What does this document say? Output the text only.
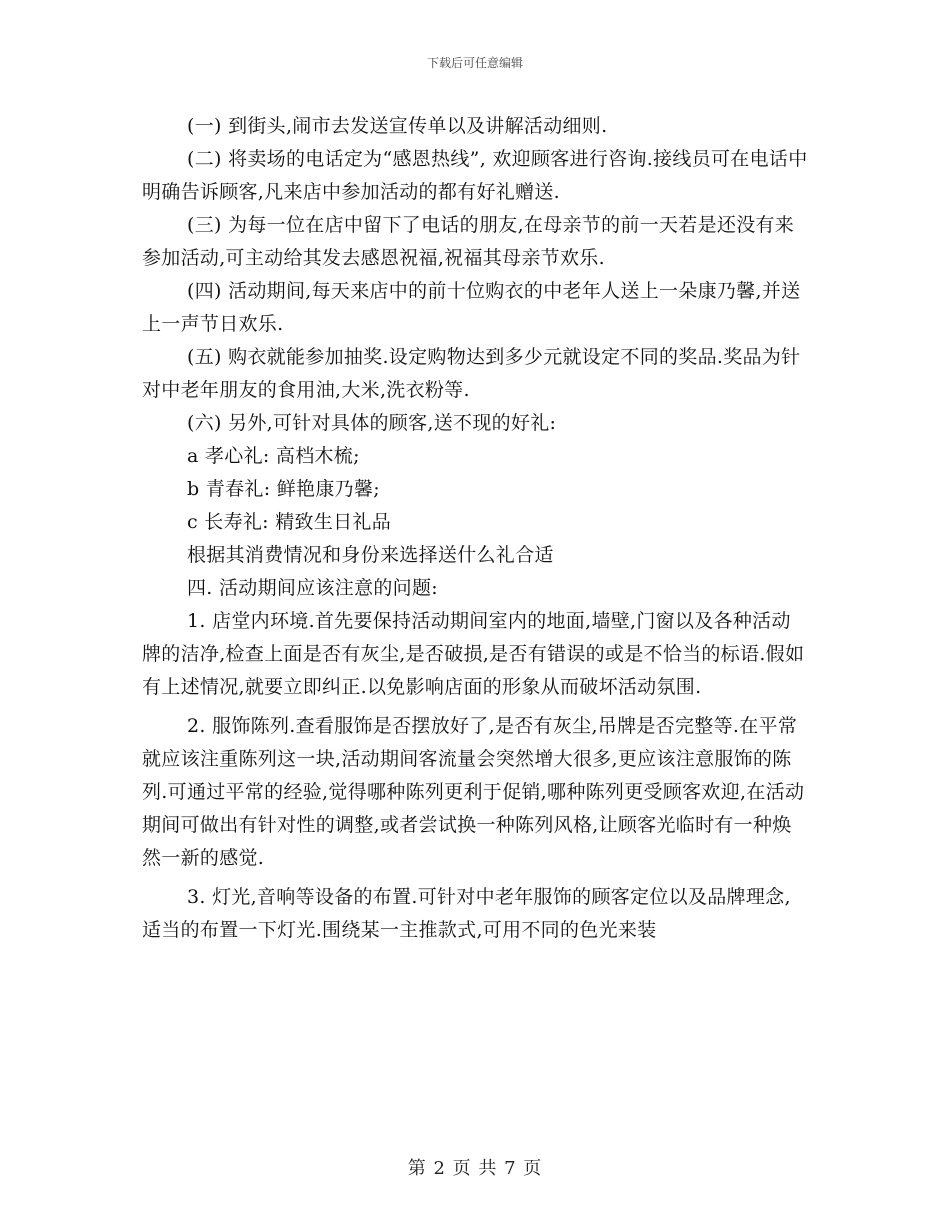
下载后可任意编辑

(一) 到街头,闹市去发送宣传单以及讲解活动细则.

(二) 将卖场的电话定为“感恩热线”, 欢迎顾客进行咨询.接线员可在电话中明确告诉顾客,凡来店中参加活动的都有好礼赠送.

(三) 为每一位在店中留下了电话的朋友,在母亲节的前一天若是还没有来参加活动,可主动给其发去感恩祝福,祝福其母亲节欢乐.

(四) 活动期间,每天来店中的前十位购衣的中老年人送上一朵康乃馨,并送上一声节日欢乐.

(五) 购衣就能参加抽奖.设定购物达到多少元就设定不同的奖品.奖品为针对中老年朋友的食用油,大米,洗衣粉等.

(六) 另外,可针对具体的顾客,送不现的好礼:

a 孝心礼: 高档木梳;

b 青春礼: 鲜艳康乃馨;

c 长寿礼: 精致生日礼品

根据其消费情况和身份来选择送什么礼合适

四. 活动期间应该注意的问题:

1. 店堂内环境.首先要保持活动期间室内的地面,墙壁,门窗以及各种活动牌的洁净,检查上面是否有灰尘,是否破损,是否有错误的或是不恰当的标语.假如有上述情况,就要立即纠正.以免影响店面的形象从而破坏活动氛围.

2. 服饰陈列.查看服饰是否摆放好了,是否有灰尘,吊牌是否完整等.在平常就应该注重陈列这一块,活动期间客流量会突然增大很多,更应该注意服饰的陈列.可通过平常的经验,觉得哪种陈列更利于促销,哪种陈列更受顾客欢迎,在活动期间可做出有针对性的调整,或者尝试换一种陈列风格,让顾客光临时有一种焕然一新的感觉.

3. 灯光,音响等设备的布置.可针对中老年服饰的顾客定位以及品牌理念,适当的布置一下灯光.围绕某一主推款式,可用不同的色光来装

第 2 页 共 7 页
